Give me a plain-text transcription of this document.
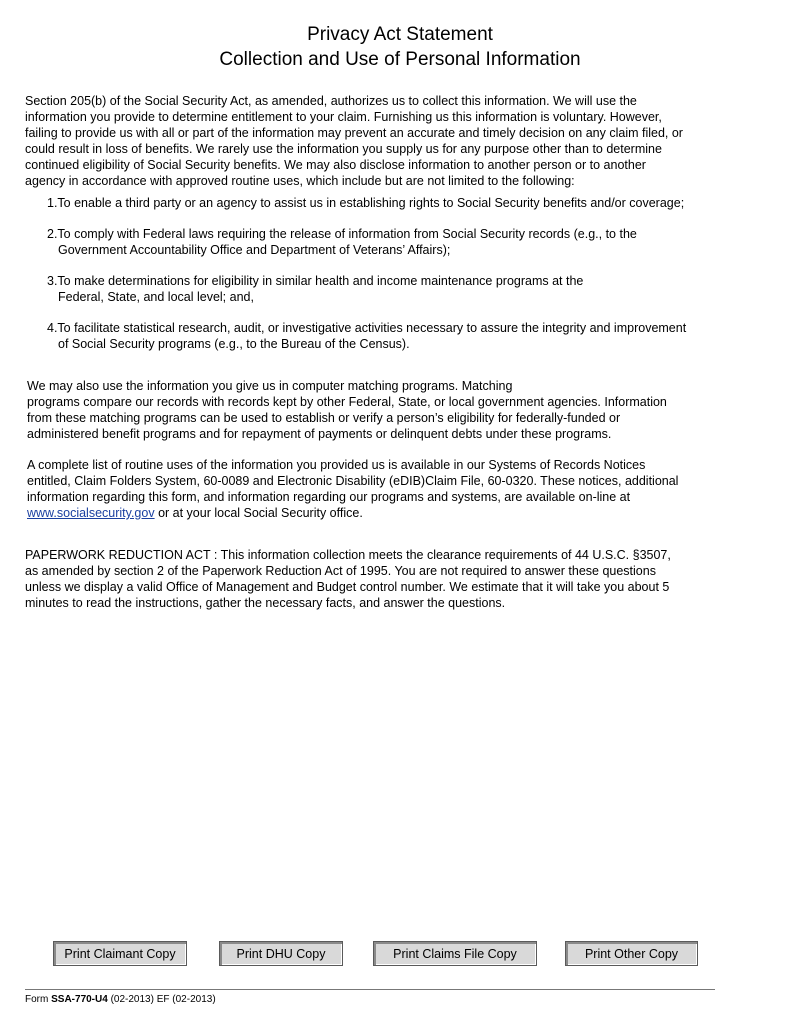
Privacy Act Statement
Collection and Use of Personal Information
Section 205(b) of the Social Security Act, as amended, authorizes us to collect this information. We will use the
information you provide to determine entitlement to your claim. Furnishing us this information is voluntary. However,
failing to provide us with all or part of the information may prevent an accurate and timely decision on any claim filed, or
could result in loss of benefits. We rarely use the information you supply us for any purpose other than to determine
continued eligibility of Social Security benefits. We may also disclose information to another person or to another
agency in accordance with approved routine uses, which include but are not limited to the following:
1.To enable a third party or an agency to assist us in establishing rights to Social Security benefits and/or coverage;
2.To comply with Federal laws requiring the release of information from Social Security records (e.g., to the
Government Accountability Office and Department of Veterans’ Affairs);
3.To make determinations for eligibility in similar health and income maintenance programs at the
Federal, State, and local level; and,
4.To facilitate statistical research, audit, or investigative activities necessary to assure the integrity and improvement
of Social Security programs (e.g., to the Bureau of the Census).
We may also use the information you give us in computer matching programs. Matching
programs compare our records with records kept by other Federal, State, or local government agencies. Information
from these matching programs can be used to establish or verify a person’s eligibility for federally-funded or
administered benefit programs and for repayment of payments or delinquent debts under these programs.
A complete list of routine uses of the information you provided us is available in our Systems of Records Notices
entitled, Claim Folders System, 60-0089 and Electronic Disability (eDIB)Claim File, 60-0320. These notices, additional
information regarding this form, and information regarding our programs and systems, are available on-line at
www.socialsecurity.gov or at your local Social Security office.
PAPERWORK REDUCTION ACT : This information collection meets the clearance requirements of 44 U.S.C. §3507,
as amended by section 2 of the Paperwork Reduction Act of 1995. You are not required to answer these questions
unless we display a valid Office of Management and Budget control number. We estimate that it will take you about 5
minutes to read the instructions, gather the necessary facts, and answer the questions.
Print Claimant Copy	Print DHU Copy	Print Claims File Copy	Print Other Copy
Form SSA-770-U4 (02-2013) EF (02-2013)
